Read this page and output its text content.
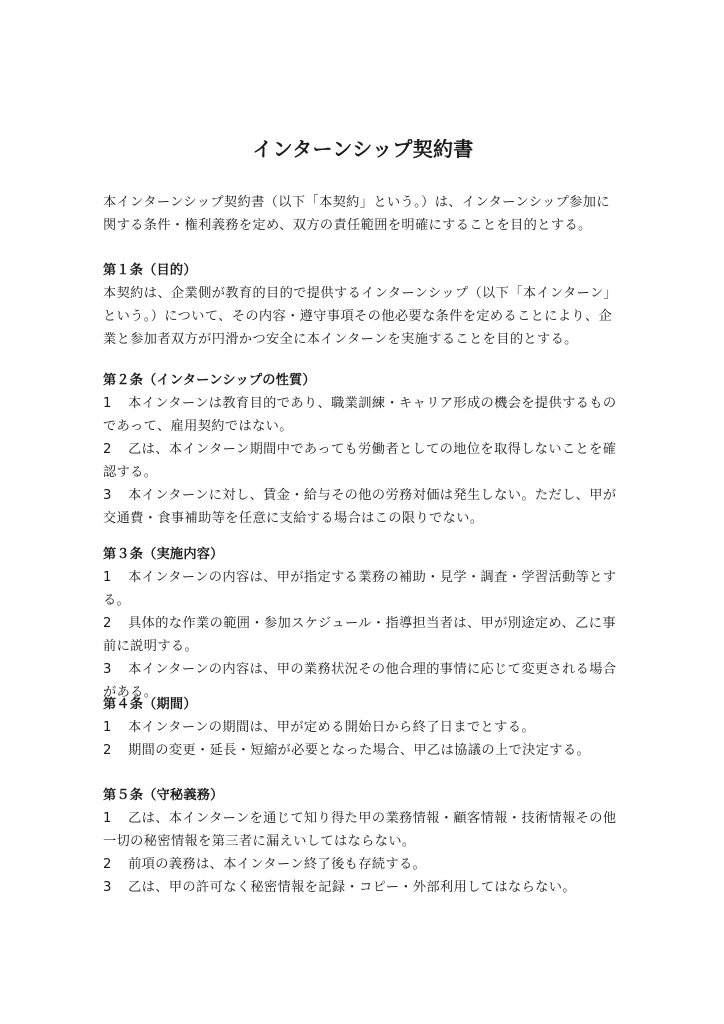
インターンシップ契約書

本インターンシップ契約書（以下「本契約」という。）は、インターンシップ参加に関する条件・権利義務を定め、双方の責任範囲を明確にすることを目的とする。

第１条（目的）

本契約は、企業側が教育的目的で提供するインターンシップ（以下「本インターン」という。）について、その内容・遵守事項その他必要な条件を定めることにより、企業と参加者双方が円滑かつ安全に本インターンを実施することを目的とする。

第２条（インターンシップの性質）

1 本インターンは教育目的であり、職業訓練・キャリア形成の機会を提供するものであって、雇用契約ではない。

2 乙は、本インターン期間中であっても労働者としての地位を取得しないことを確認する。

3 本インターンに対し、賃金・給与その他の労務対価は発生しない。ただし、甲が交通費・食事補助等を任意に支給する場合はこの限りでない。

第３条（実施内容）

1 本インターンの内容は、甲が指定する業務の補助・見学・調査・学習活動等とする。

2 具体的な作業の範囲・参加スケジュール・指導担当者は、甲が別途定め、乙に事前に説明する。

3 本インターンの内容は、甲の業務状況その他合理的事情に応じて変更される場合がある。

第４条（期間）

1 本インターンの期間は、甲が定める開始日から終了日までとする。

2 期間の変更・延長・短縮が必要となった場合、甲乙は協議の上で決定する。

第５条（守秘義務）

1 乙は、本インターンを通じて知り得た甲の業務情報・顧客情報・技術情報その他一切の秘密情報を第三者に漏えいしてはならない。

2 前項の義務は、本インターン終了後も存続する。

3 乙は、甲の許可なく秘密情報を記録・コピー・外部利用してはならない。
